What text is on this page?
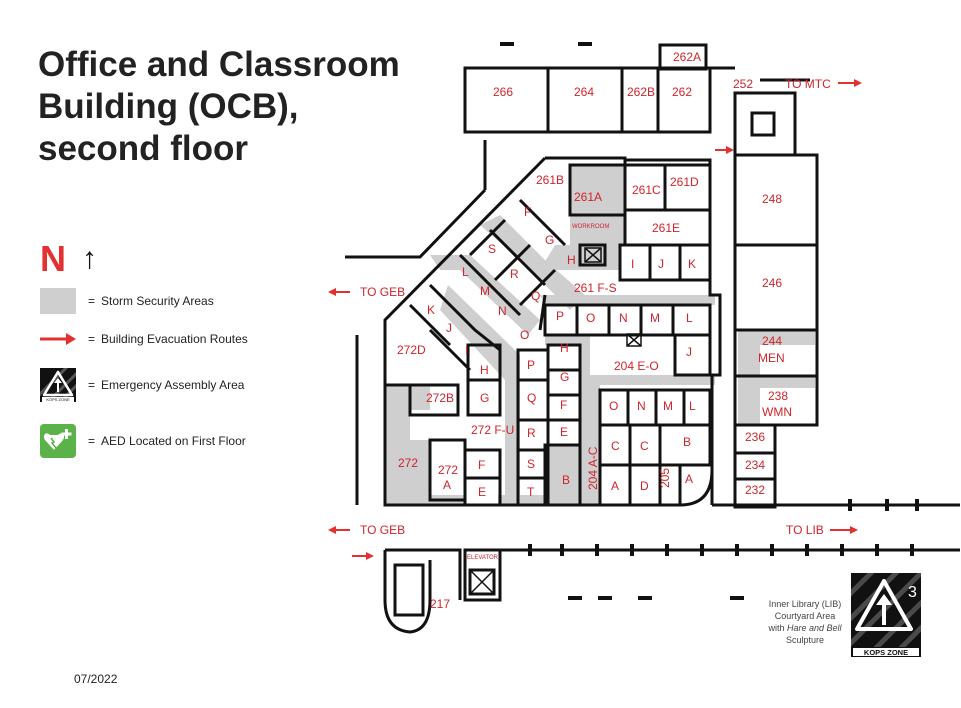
Office and Classroom
Building (OCB),
second floor
N ↑
= Storm Security Areas
= Building Evacuation Routes
KOPS ZONE
= Emergency Assembly Area
= AED Located on First Floor
07/2022
TO MTC
TO GEB
TO GEB	TO LIB
262A
252
266	264	262B 262
261B
261A
WORKROOM
261C
261D
261E
248
246
261 F-S
244
MEN
238
WMN
236
234
232
204 E-O
204 A-C	205
272D
272B
272 272
A
272 F-U
217
ELEVATOR
F
G
H
S
R
Q
L
M
N
O
P O N M L
J
I J K
K
J
I
H
G
H
P
G
Q F
R E
S
T
B
F
E
O N M L
C C	B
A D	A
Inner Library (LIB)
Courtyard Area
with Hare and Bell
Sculpture
3
KOPS ZONE
